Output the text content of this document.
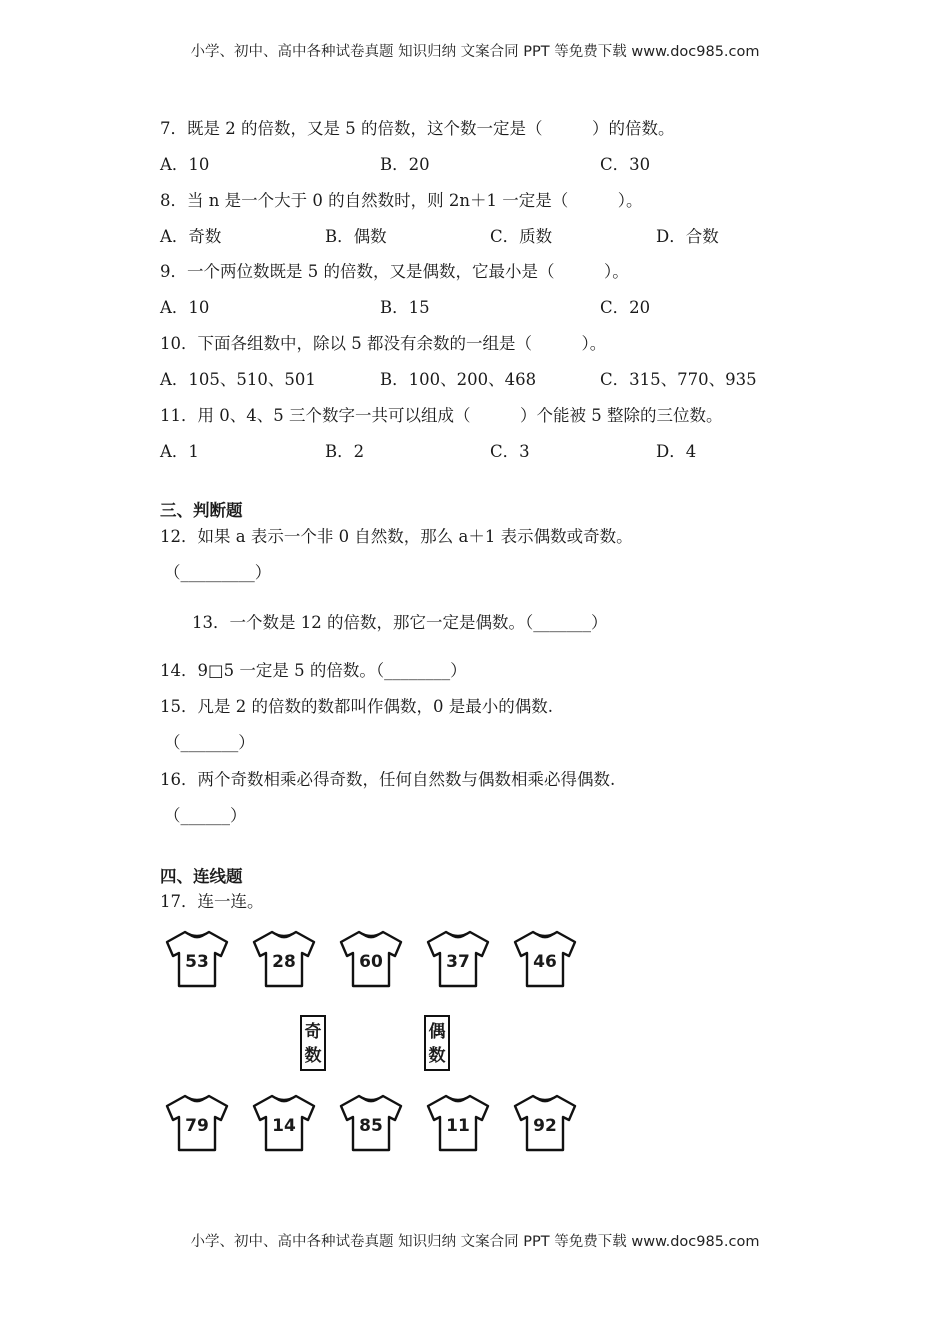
小学、初中、高中各种试卷真题 知识归纳 文案合同 PPT 等免费下载 www.doc985.com
7．既是 2 的倍数，又是 5 的倍数，这个数一定是（　　　）的倍数。
A．10	B．20	C．30
8．当 n 是一个大于 0 的自然数时，则 2n＋1 一定是（　　　）。
A．奇数	B．偶数	C．质数	D．合数
9．一个两位数既是 5 的倍数，又是偶数，它最小是（　　　）。
A．10	B．15	C．20
10．下面各组数中，除以 5 都没有余数的一组是（　　　）。
A．105、510、501	B．100、200、468	C．315、770、935
11．用 0、4、5 三个数字一共可以组成（　　　）个能被 5 整除的三位数。
A．1	B．2	C．3	D．4
三、判断题
12．如果 a 表示一个非 0 自然数，那么 a＋1 表示偶数或奇数。
（_________）
13．一个数是 12 的倍数，那它一定是偶数。（_______）
14．9□5 一定是 5 的倍数。（________）
15．凡是 2 的倍数的数都叫作偶数，0 是最小的偶数.
（_______）
16．两个奇数相乘必得奇数，任何自然数与偶数相乘必得偶数.
（______）
四、连线题
17．连一连。
53	28	60	37	46
奇
数
偶
数
79	14	85	11	92
小学、初中、高中各种试卷真题 知识归纳 文案合同 PPT 等免费下载 www.doc985.com
